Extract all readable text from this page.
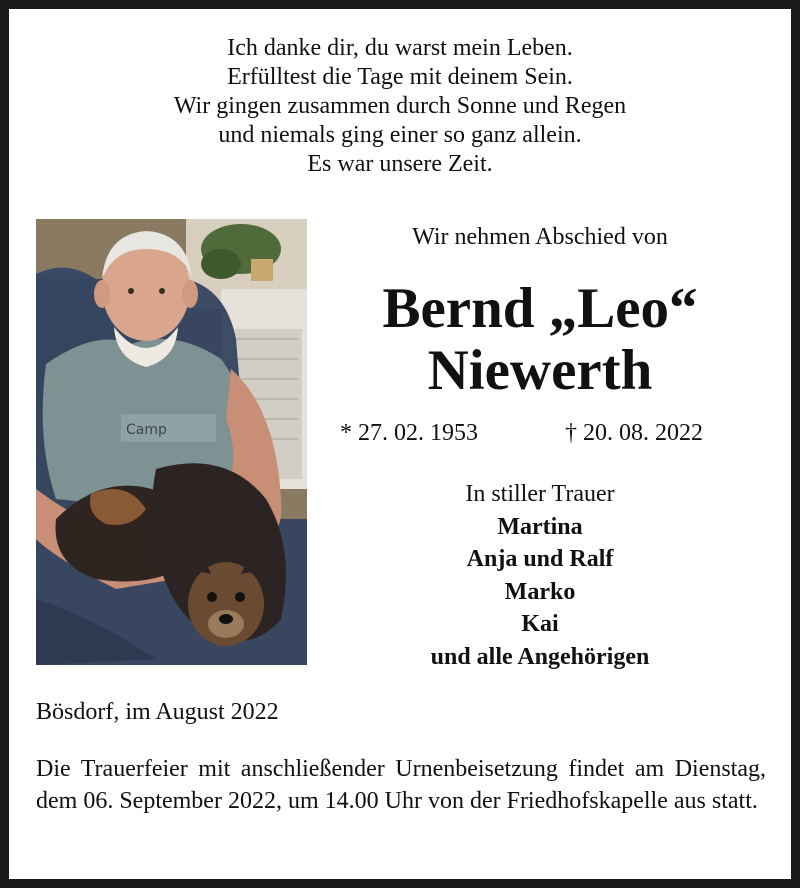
Ich danke dir, du warst mein Leben.
Erfülltest die Tage mit deinem Sein.
Wir gingen zusammen durch Sonne und Regen
und niemals ging einer so ganz allein.
Es war unsere Zeit.
Camp
Wir nehmen Abschied von
Bernd „Leo“
Niewerth
* 27. 02. 1953	† 20. 08. 2022
In stiller Trauer
Martina
Anja und Ralf
Marko
Kai
und alle Angehörigen
Bösdorf, im August 2022
Die Trauerfeier mit anschließender Urnenbeisetzung findet am Dienstag, dem 06. September 2022, um 14.00 Uhr von der Friedhofskapelle aus statt.
